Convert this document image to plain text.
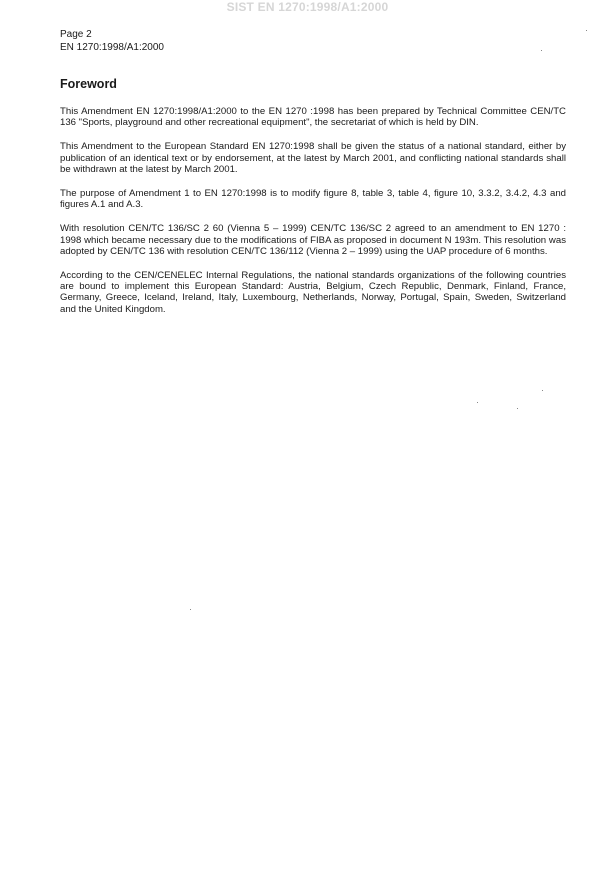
SIST EN 1270:1998/A1:2000
Page 2
EN 1270:1998/A1:2000
Foreword

This Amendment EN 1270:1998/A1:2000 to the EN 1270 :1998 has been prepared by Technical Committee CEN/TC 136 "Sports, playground and other recreational equipment", the secretariat of which is held by DIN.

This Amendment to the European Standard EN 1270:1998 shall be given the status of a national standard, either by publication of an identical text or by endorsement, at the latest by March 2001, and conflicting national standards shall be withdrawn at the latest by March 2001.

The purpose of Amendment 1 to EN 1270:1998 is to modify figure 8, table 3, table 4, figure 10, 3.3.2, 3.4.2, 4.3 and figures A.1 and A.3.

With resolution CEN/TC 136/SC 2 60 (Vienna 5 – 1999) CEN/TC 136/SC 2 agreed to an amendment to EN 1270 : 1998 which became necessary due to the modifications of FIBA as proposed in document N 193m. This resolution was adopted by CEN/TC 136 with resolution CEN/TC 136/112 (Vienna 2 – 1999) using the UAP procedure of 6 months.

According to the CEN/CENELEC Internal Regulations, the national standards organizations of the following countries are bound to implement this European Standard: Austria, Belgium, Czech Republic, Denmark, Finland, France, Germany, Greece, Iceland, Ireland, Italy, Luxembourg, Netherlands, Norway, Portugal, Spain, Sweden, Switzerland and the United Kingdom.
